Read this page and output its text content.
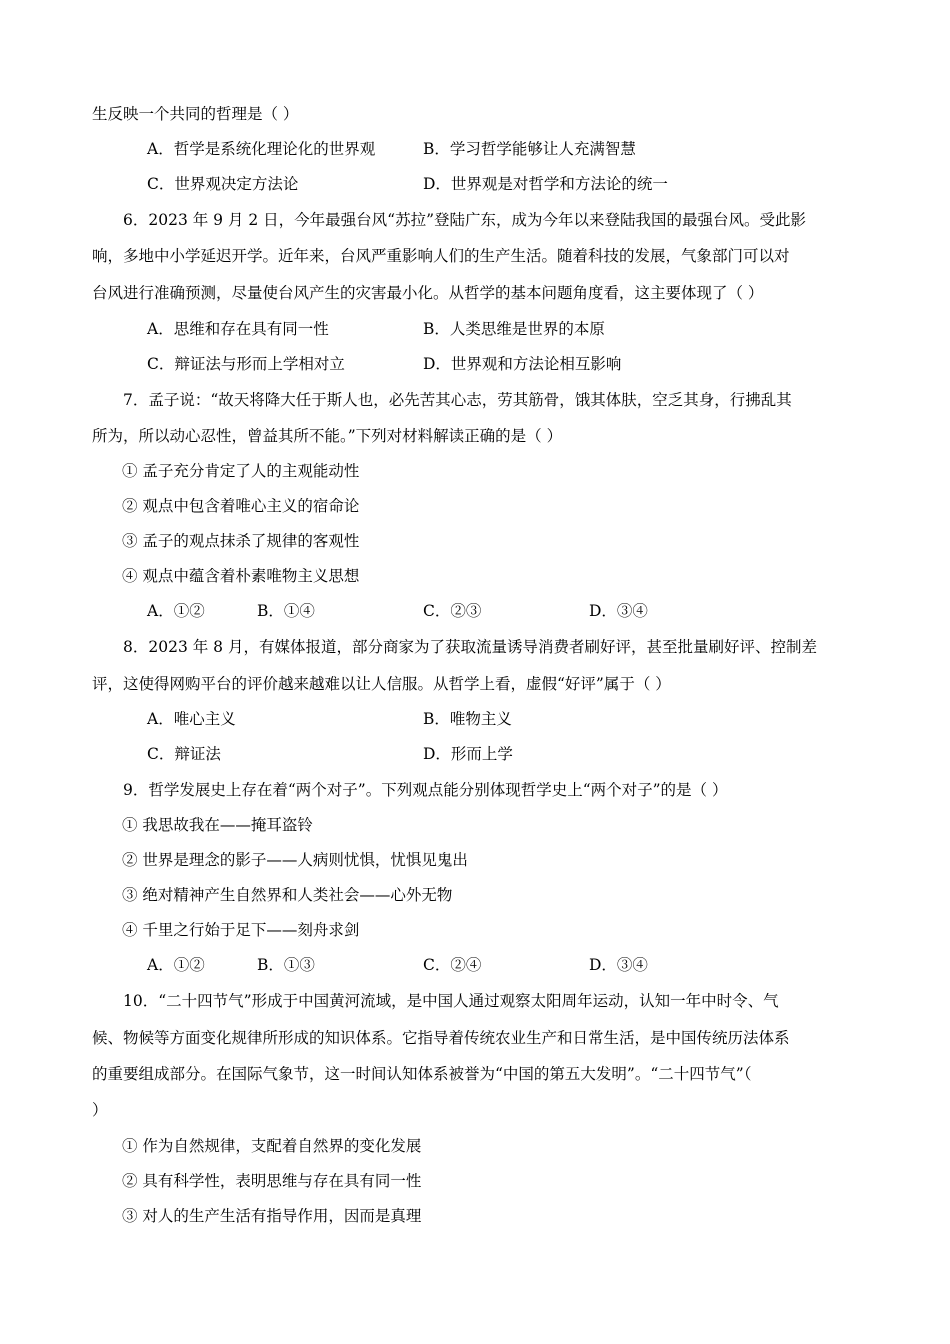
生反映一个共同的哲理是（ ）
A．哲学是系统化理论化的世界观	B．学习哲学能够让人充满智慧
C．世界观决定方法论	D．世界观是对哲学和方法论的统一
6．2023 年 9 月 2 日，今年最强台风“苏拉”登陆广东，成为今年以来登陆我国的最强台风。受此影
响，多地中小学延迟开学。近年来，台风严重影响人们的生产生活。随着科技的发展，气象部门可以对
台风进行准确预测，尽量使台风产生的灾害最小化。从哲学的基本问题角度看，这主要体现了（ ）
A．思维和存在具有同一性	B．人类思维是世界的本原
C．辩证法与形而上学相对立	D．世界观和方法论相互影响
7．孟子说：“故天将降大任于斯人也，必先苦其心志，劳其筋骨，饿其体肤，空乏其身，行拂乱其
所为，所以动心忍性，曾益其所不能。”下列对材料解读正确的是（ ）
① 孟子充分肯定了人的主观能动性
② 观点中包含着唯心主义的宿命论
③ 孟子的观点抹杀了规律的客观性
④ 观点中蕴含着朴素唯物主义思想
A．①②	B．①④	C．②③	D．③④
8．2023 年 8 月，有媒体报道，部分商家为了获取流量诱导消费者刷好评，甚至批量刷好评、控制差
评，这使得网购平台的评价越来越难以让人信服。从哲学上看，虚假“好评”属于（ ）
A．唯心主义	B．唯物主义
C．辩证法	D．形而上学
9．哲学发展史上存在着“两个对子”。下列观点能分别体现哲学史上“两个对子”的是（ ）
① 我思故我在——掩耳盗铃
② 世界是理念的影子——人病则忧惧，忧惧见鬼出
③ 绝对精神产生自然界和人类社会——心外无物
④ 千里之行始于足下——刻舟求剑
A．①②	B．①③	C．②④	D．③④
10．“二十四节气”形成于中国黄河流域，是中国人通过观察太阳周年运动，认知一年中时令、气
候、物候等方面变化规律所形成的知识体系。它指导着传统农业生产和日常生活，是中国传统历法体系
的重要组成部分。在国际气象节，这一时间认知体系被誉为“中国的第五大发明”。“二十四节气”（
）
① 作为自然规律，支配着自然界的变化发展
② 具有科学性，表明思维与存在具有同一性
③ 对人的生产生活有指导作用，因而是真理
